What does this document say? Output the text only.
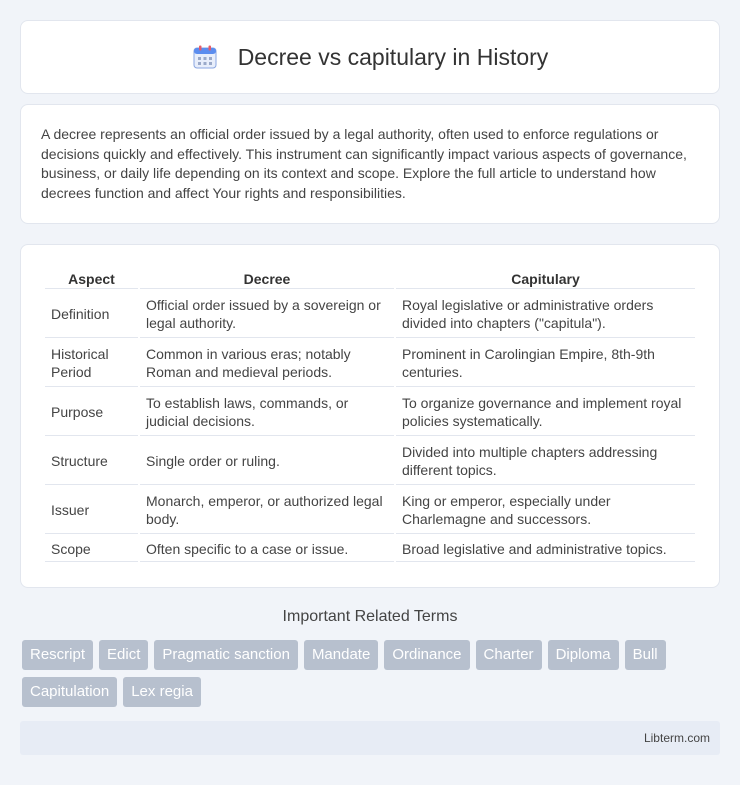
Decree vs capitulary in History

A decree represents an official order issued by a legal authority, often used to enforce regulations or decisions quickly and effectively. This instrument can significantly impact various aspects of governance, business, or daily life depending on its context and scope. Explore the full article to understand how decrees function and affect Your rights and responsibilities.

Aspect	Decree	Capitulary
Definition	Official order issued by a sovereign or legal authority.	Royal legislative or administrative orders divided into chapters ("capitula").
Historical Period	Common in various eras; notably Roman and medieval periods.	Prominent in Carolingian Empire, 8th-9th centuries.
Purpose	To establish laws, commands, or judicial decisions.	To organize governance and implement royal policies systematically.
Structure	Single order or ruling.	Divided into multiple chapters addressing different topics.
Issuer	Monarch, emperor, or authorized legal body.	King or emperor, especially under Charlemagne and successors.
Scope	Often specific to a case or issue.	Broad legislative and administrative topics.
Important Related Terms
Rescript	Edict	Pragmatic sanction	Mandate	Ordinance	Charter	Diploma	Bull
Capitulation	Lex regia
Libterm.com
